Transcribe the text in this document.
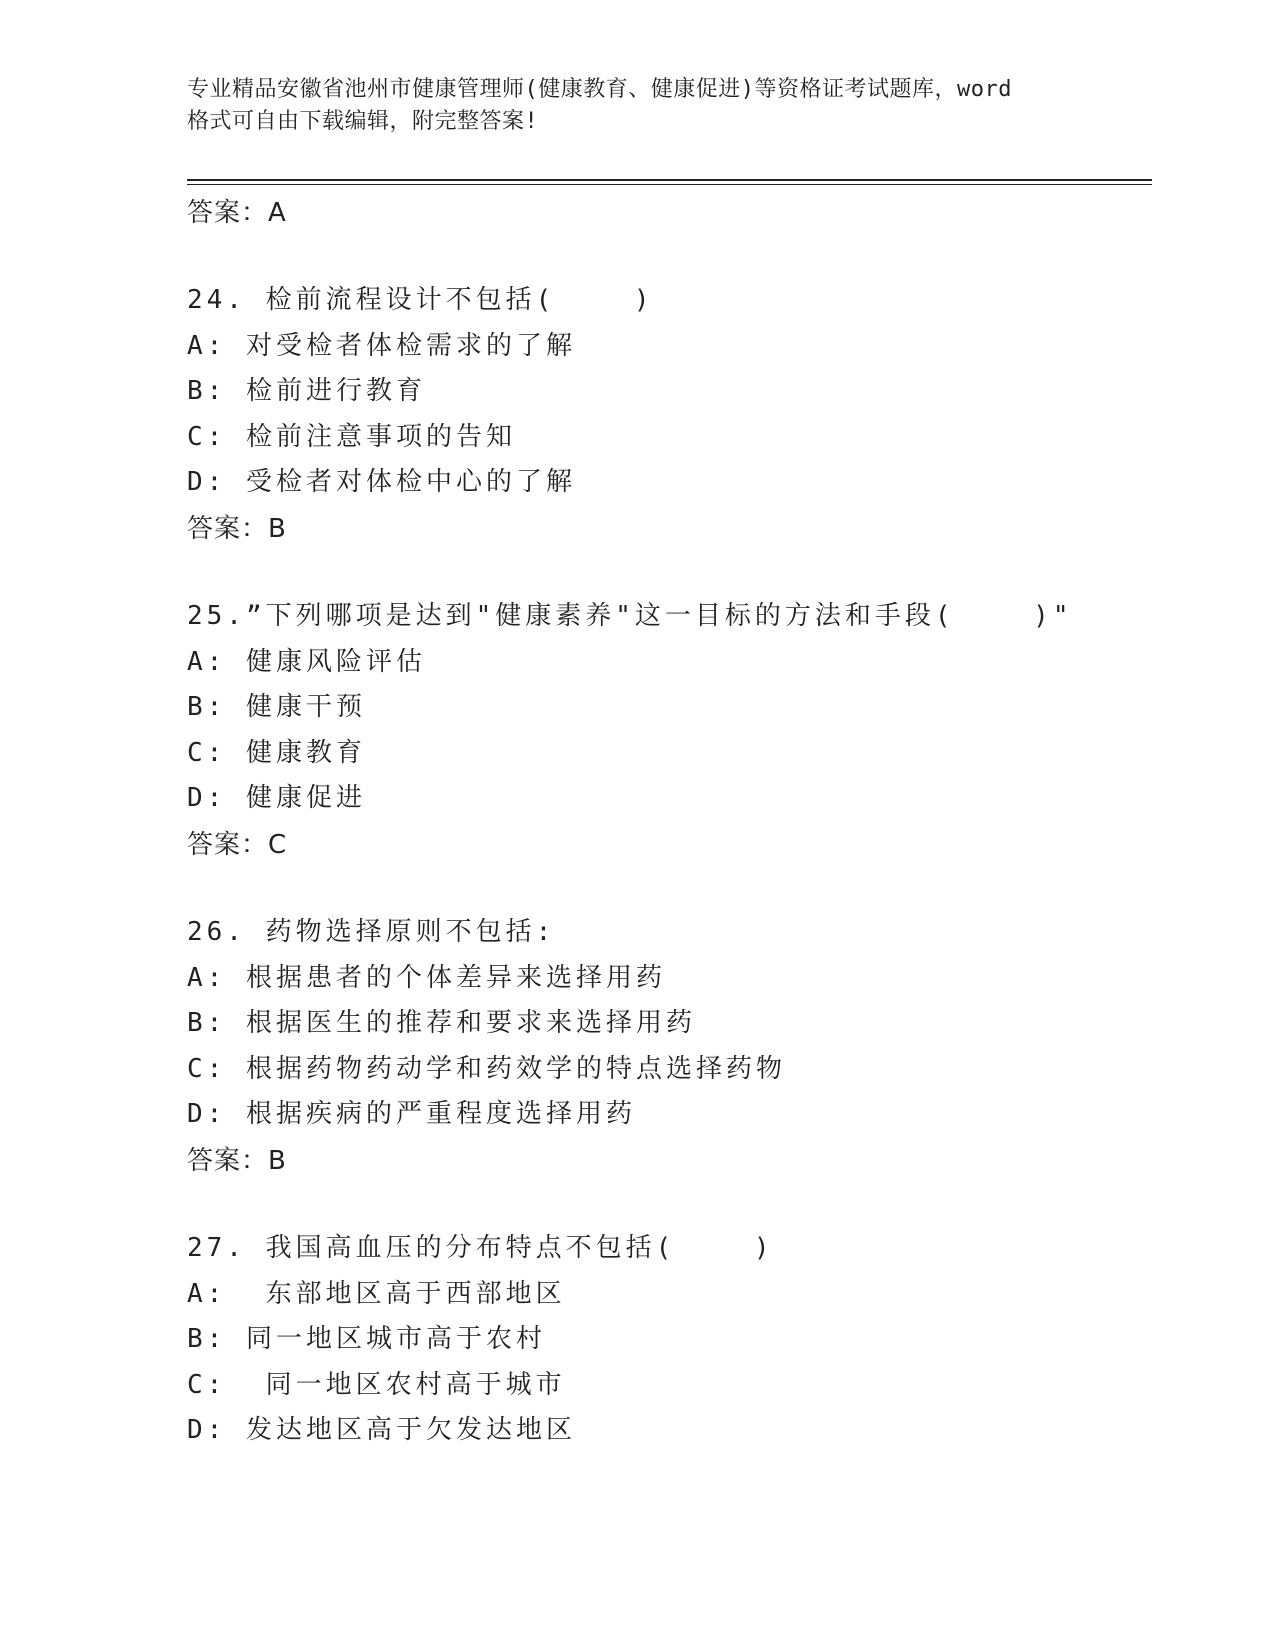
专业精品安徽省池州市健康管理师(健康教育、健康促进)等资格证考试题库，word
格式可自由下载编辑，附完整答案!
答案：A
24. 检前流程设计不包括(    )
A: 对受检者体检需求的了解
B: 检前进行教育
C: 检前注意事项的告知
D: 受检者对体检中心的了解
答案：B
25.”下列哪项是达到"健康素养"这一目标的方法和手段(    )"
A: 健康风险评估
B: 健康干预
C: 健康教育
D: 健康促进
答案：C
26. 药物选择原则不包括:
A: 根据患者的个体差异来选择用药
B: 根据医生的推荐和要求来选择用药
C: 根据药物药动学和药效学的特点选择药物
D: 根据疾病的严重程度选择用药
答案：B
27. 我国高血压的分布特点不包括(    )
A:  东部地区高于西部地区
B: 同一地区城市高于农村
C:  同一地区农村高于城市
D: 发达地区高于欠发达地区
